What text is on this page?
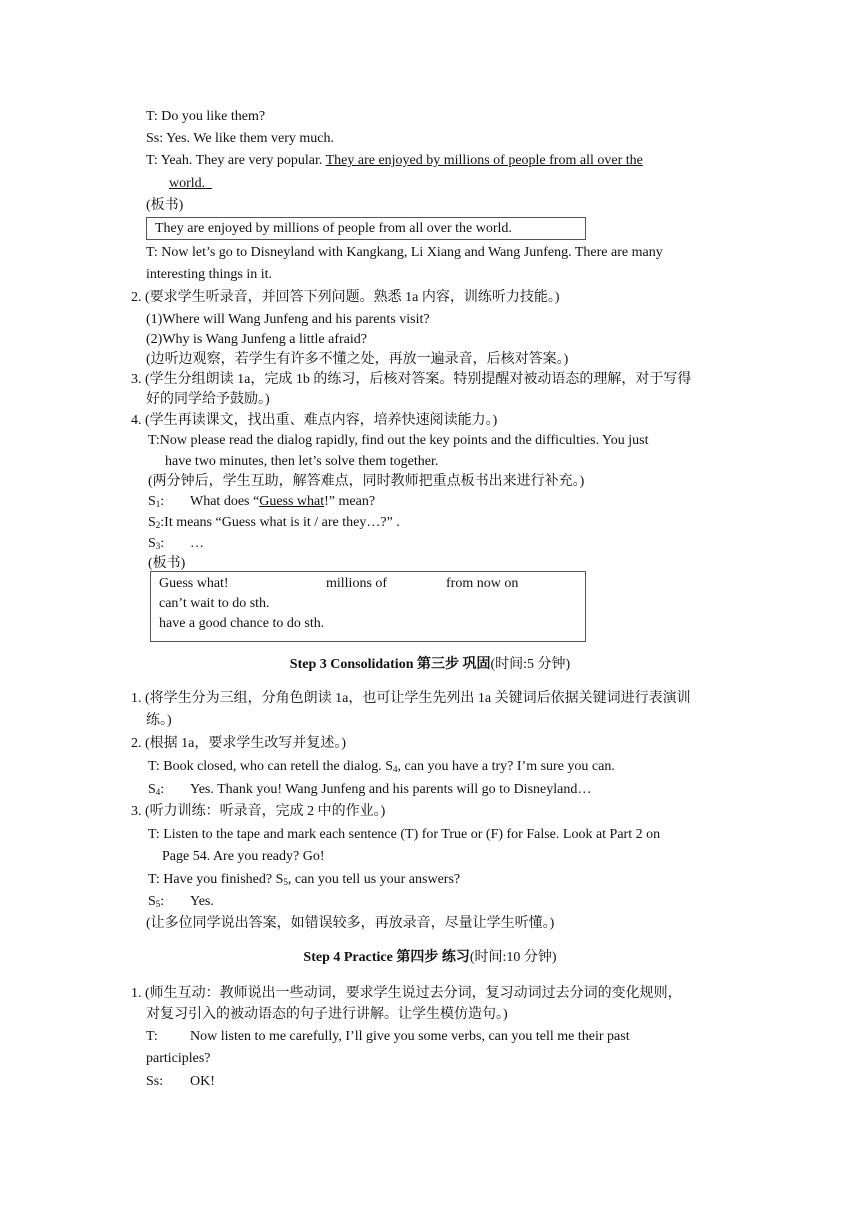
T: Do you like them?
Ss: Yes. We like them very much.
T: Yeah. They are very popular. They are enjoyed by millions of people from all over the
world.
(板书)
They are enjoyed by millions of people from all over the world.
T: Now let’s go to Disneyland with Kangkang, Li Xiang and Wang Junfeng. There are many
interesting things in it.
2. (要求学生听录音，并回答下列问题。熟悉 1a 内容，训练听力技能。)
(1)Where will Wang Junfeng and his parents visit?
(2)Why is Wang Junfeng a little afraid?
(边听边观察，若学生有许多不懂之处，再放一遍录音，后核对答案。)
3. (学生分组朗读 1a，完成 1b 的练习，后核对答案。特别提醒对被动语态的理解，对于写得
好的同学给予鼓励。)
4. (学生再读课文，找出重、难点内容，培养快速阅读能力。)
T:Now please read the dialog rapidly, find out the key points and the difficulties. You just
have two minutes, then let’s solve them together.
(两分钟后，学生互助，解答难点，同时教师把重点板书出来进行补充。)
$S_1$: What does “Guess what!” mean?
$S_2:It$ means “Guess what is it / are they…?” .
$S_3$: …
(板书)
Guess what!	millions of	from now on
can’t wait to do sth.
have a good chance to do sth.
Step 3 Consolidation 第三步 巩固(时间:5 分钟)
1. (将学生分为三组，分角色朗读 1a，也可让学生先列出 1a 关键词后依据关键词进行表演训
练。)
2. (根据 1a，要求学生改写并复述。)
T: Book closed, who can retell the dialog. $S_4$, can you have a try? I’m sure you can.
$S_4$: Yes. Thank you! Wang Junfeng and his parents will go to Disneyland…
3. (听力训练：听录音，完成 2 中的作业。)
T: Listen to the tape and mark each sentence (T) for True or (F) for False. Look at Part 2 on
Page 54. Are you ready? Go!
T: Have you finished? $S_5$, can you tell us your answers?
$S_5$: Yes.
(让多位同学说出答案，如错误较多，再放录音，尽量让学生听懂。)
Step 4 Practice 第四步 练习(时间:10 分钟)
1. (师生互动：教师说出一些动词，要求学生说过去分词，复习动词过去分词的变化规则，
对复习引入的被动语态的句子进行讲解。让学生模仿造句。)
T: Now listen to me carefully, I’ll give you some verbs, can you tell me their past
participles?
Ss: OK!
